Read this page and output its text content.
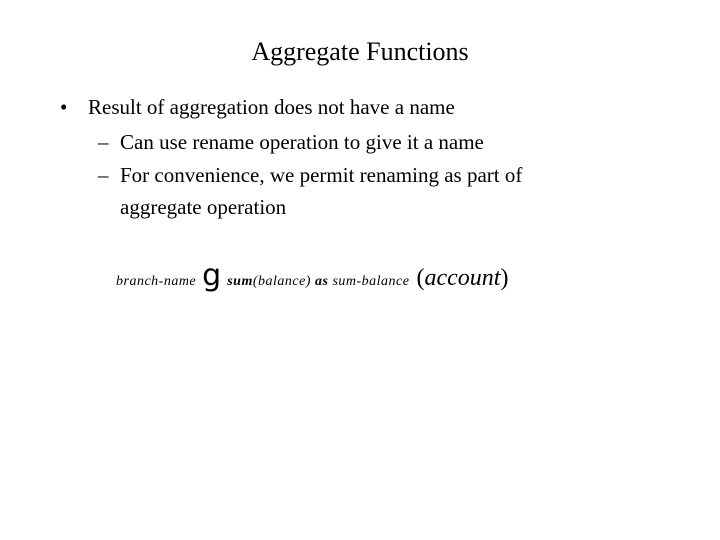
Aggregate Functions
• Result of aggregation does not have a name
– Can use rename operation to give it a name
– For convenience, we permit renaming as part of
aggregate operation
branch-name g sum(balance) as sum-balance (account)
